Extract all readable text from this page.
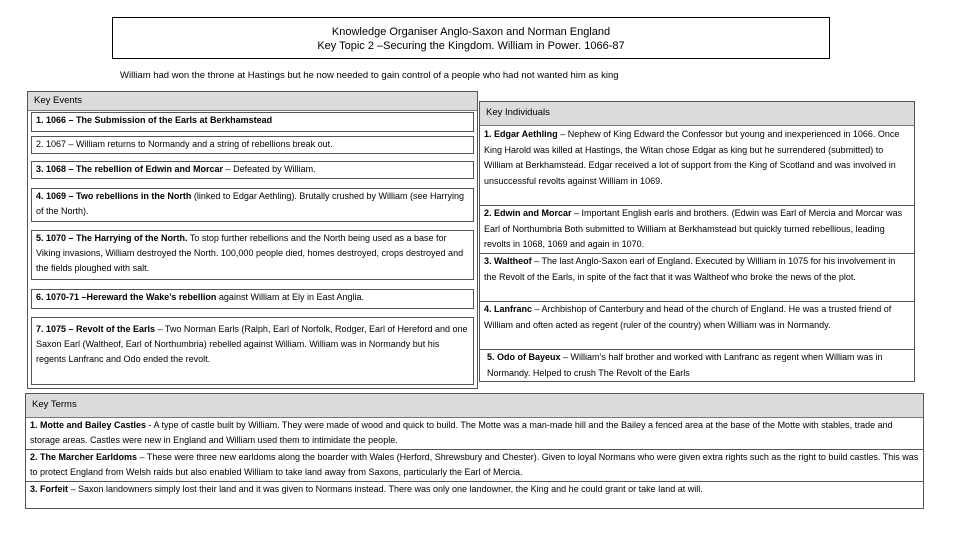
Knowledge Organiser Anglo-Saxon and Norman England
Key Topic 2 –Securing the Kingdom. William in Power. 1066-87
William had won the throne at Hastings but he now needed to gain control of a people who had not wanted him as king
Key Events
1. 1066 – The Submission of the Earls at Berkhamstead
2. 1067 – William returns to Normandy and a string of rebellions break out.
3. 1068 – The rebellion of Edwin and Morcar – Defeated by William.
4. 1069 – Two rebellions in the North (linked to Edgar Aethling). Brutally crushed by William (see Harrying of the North).
5. 1070 – The Harrying of the North. To stop further rebellions and the North being used as a base for Viking invasions, William destroyed the North. 100,000 people died, homes destroyed, crops destroyed and the fields ploughed with salt.
6. 1070-71 –Hereward the Wake’s rebellion against William at Ely in East Anglia.
7. 1075 – Revolt of the Earls – Two Norman Earls (Ralph, Earl of Norfolk, Rodger, Earl of Hereford and one Saxon Earl (Waltheof, Earl of Northumbria) rebelled against William. William was in Normandy but his regents Lanfranc and Odo ended the revolt.
Key Individuals
1. Edgar Aethling – Nephew of King Edward the Confessor but young and inexperienced in 1066. Once King Harold was killed at Hastings, the Witan chose Edgar as king but he surrendered (submitted) to William at Berkhamstead. Edgar received a lot of support from the King of Scotland and was involved in unsuccessful revolts against William in 1069.
2. Edwin and Morcar – Important English earls and brothers. (Edwin was Earl of Mercia and Morcar was Earl of Northumbria Both submitted to William at Berkhamstead but quickly turned rebellious, leading revolts in 1068, 1069 and again in 1070.
3. Waltheof – The last Anglo-Saxon earl of England. Executed by William in 1075 for his involvement in the Revolt of the Earls, in spite of the fact that it was Waltheof who broke the news of the plot.
4. Lanfranc – Archbishop of Canterbury and head of the church of England. He was a trusted friend of William and often acted as regent (ruler of the country) when William was in Normandy.
5. Odo of Bayeux – William’s half brother and worked with Lanfranc as regent when William was in Normandy. Helped to crush The Revolt of the Earls
Key Terms
1. Motte and Bailey Castles - A type of castle built by William. They were made of wood and quick to build. The Motte was a man-made hill and the Bailey a fenced area at the base of the Motte with stables, trade and storage areas. Castles were new in England and William used them to intimidate the people.
2. The Marcher Earldoms – These were three new earldoms along the boarder with Wales (Herford, Shrewsbury and Chester). Given to loyal Normans who were given extra rights such as the right to build castles. This was to protect England from Welsh raids but also enabled William to take land away from Saxons, particularly the Earl of Mercia.
3. Forfeit – Saxon landowners simply lost their land and it was given to Normans instead. There was only one landowner, the King and he could grant or take land at will.
